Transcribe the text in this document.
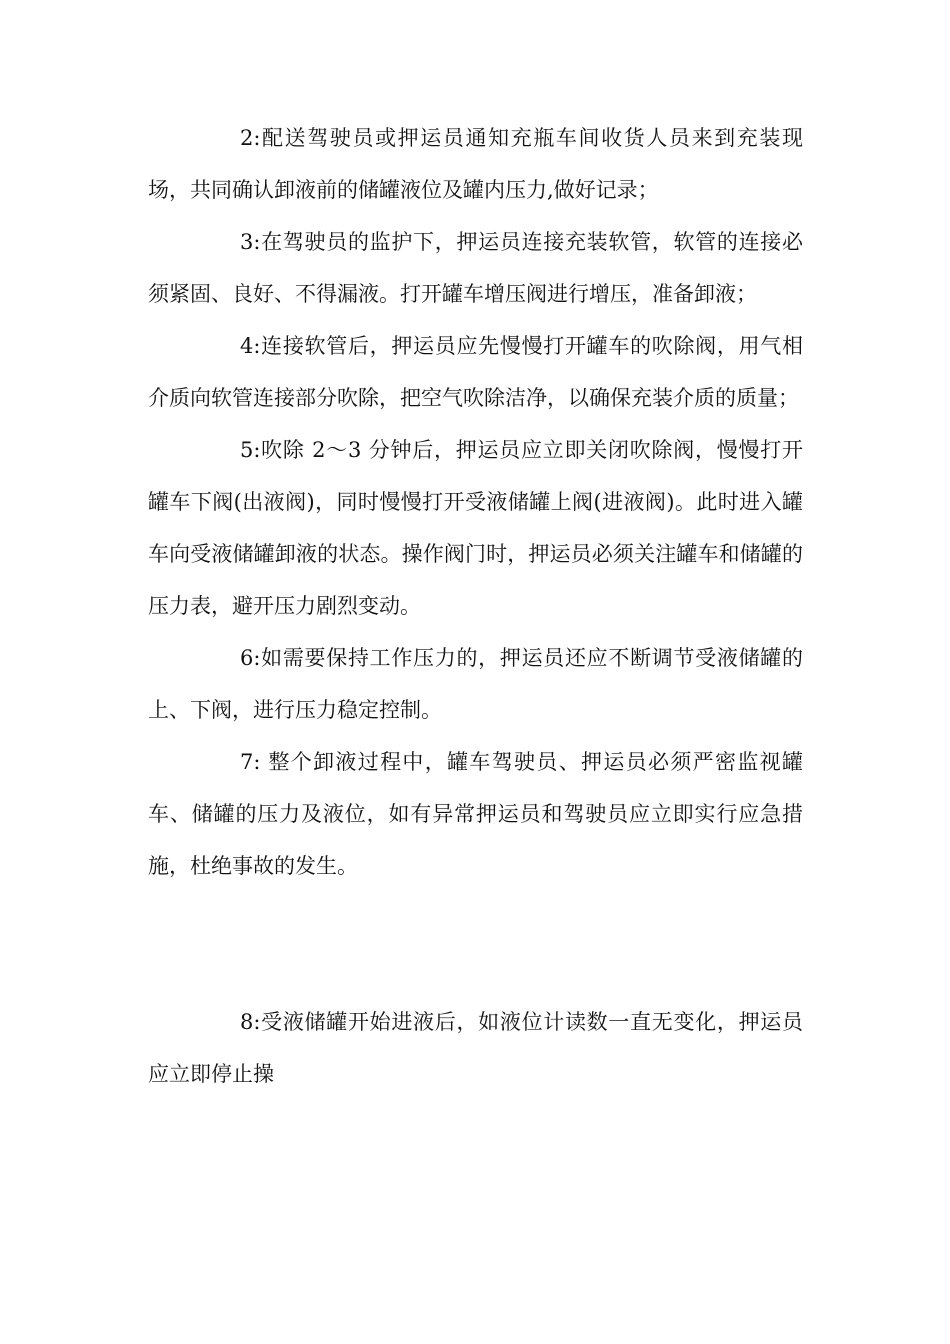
2:配送驾驶员或押运员通知充瓶车间收货人员来到充装现场，共同确认卸液前的储罐液位及罐内压力,做好记录；

3:在驾驶员的监护下，押运员连接充装软管，软管的连接必须紧固、良好、不得漏液。打开罐车增压阀进行增压，准备卸液；

4:连接软管后，押运员应先慢慢打开罐车的吹除阀，用气相介质向软管连接部分吹除，把空气吹除洁净，以确保充装介质的质量；

5:吹除 2～3 分钟后，押运员应立即关闭吹除阀，慢慢打开罐车下阀(出液阀)，同时慢慢打开受液储罐上阀(进液阀)。此时进入罐车向受液储罐卸液的状态。操作阀门时，押运员必须关注罐车和储罐的压力表，避开压力剧烈变动。

6:如需要保持工作压力的，押运员还应不断调节受液储罐的上、下阀，进行压力稳定控制。

7: 整个卸液过程中，罐车驾驶员、押运员必须严密监视罐车、储罐的压力及液位，如有异常押运员和驾驶员应立即实行应急措施，杜绝事故的发生。

8:受液储罐开始进液后，如液位计读数一直无变化，押运员应立即停止操
